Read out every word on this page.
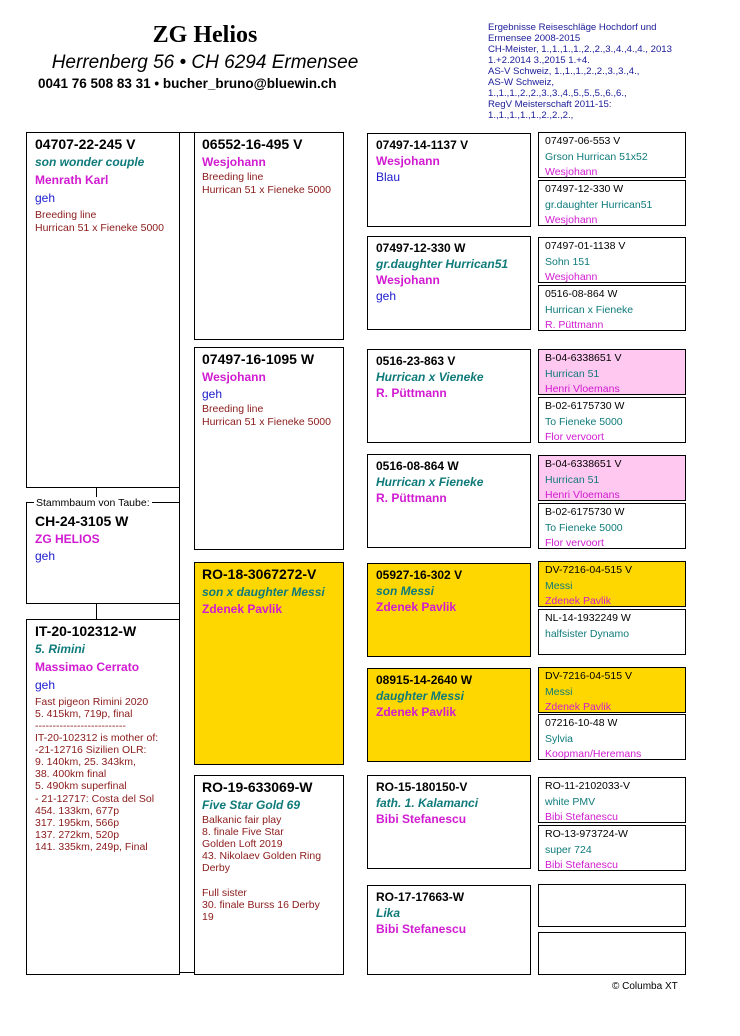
ZG Helios
Herrenberg 56 • CH 6294 Ermensee
0041 76 508 83 31 • bucher_bruno@bluewin.ch
Ergebnisse Reiseschläge Hochdorf und
Ermensee 2008-2015
CH-Meister, 1.,1.,1.,1.,2.,2.,3.,4.,4.,4., 2013
1.+2.2014 3.,2015 1.+4.
AS-V Schweiz, 1.,1.,1.,2.,2.,3.,3.,4.,
AS-W Schweiz,
1.,1.,1.,2.,2.,3.,3.,4.,5.,5.,5.,6.,6.,
RegV Meisterschaft 2011-15:
1.,1.,1.,1.,1.,2.,2.,2.,
04707-22-245 V
son wonder couple
Menrath Karl
geh
Breeding line
Hurrican 51 x Fieneke 5000
CH-24-3105 W
ZG HELIOS
geh
Stammbaum von Taube:
IT-20-102312-W
5. Rimini
Massimao Cerrato
geh
Fast pigeon Rimini 2020
5. 415km, 719p, final
--------------------------
IT-20-102312 is mother of:
-21-12716 Sizilien OLR:
9. 140km, 25. 343km,
38. 400km final
5. 490km superfinal
- 21-12717: Costa del Sol
454. 133km, 677p
317. 195km, 566p
137. 272km, 520p
141. 335km, 249p, Final
06552-16-495 V
Wesjohann
Breeding line
Hurrican 51 x Fieneke 5000
07497-16-1095 W
Wesjohann
geh
Breeding line
Hurrican 51 x Fieneke 5000
RO-18-3067272-V
son x daughter Messi
Zdenek Pavlik
RO-19-633069-W
Five Star Gold 69
Balkanic fair play
8. finale Five Star
Golden Loft 2019
43. Nikolaev Golden Ring
Derby
Full sister
30. finale Burss 16 Derby
19
07497-14-1137 V
Wesjohann
Blau
07497-12-330 W
gr.daughter Hurrican51
Wesjohann
geh
0516-23-863 V
Hurrican x Vieneke
R. Püttmann
0516-08-864 W
Hurrican x Fieneke
R. Püttmann
05927-16-302 V
son Messi
Zdenek Pavlik
08915-14-2640 W
daughter Messi
Zdenek Pavlik
RO-15-180150-V
fath. 1. Kalamanci
Bibi Stefanescu
RO-17-17663-W
Lika
Bibi Stefanescu
07497-06-553 V
Grson Hurrican 51x52
Wesjohann
07497-12-330 W
gr.daughter Hurrican51
Wesjohann
07497-01-1138 V
Sohn 151
Wesjohann
0516-08-864 W
Hurrican x Fieneke
R. Püttmann
B-04-6338651 V
Hurrican 51
Henri Vloemans
B-02-6175730 W
To Fieneke 5000
Flor vervoort
B-04-6338651 V
Hurrican 51
Henri Vloemans
B-02-6175730 W
To Fieneke 5000
Flor vervoort
DV-7216-04-515 V
Messi
Zdenek Pavlik
NL-14-1932249 W
halfsister Dynamo
DV-7216-04-515 V
Messi
Zdenek Pavlik
07216-10-48 W
Sylvia
Koopman/Heremans
RO-11-2102033-V
white PMV
Bibi Stefanescu
RO-13-973724-W
super 724
Bibi Stefanescu
© Columba XT
